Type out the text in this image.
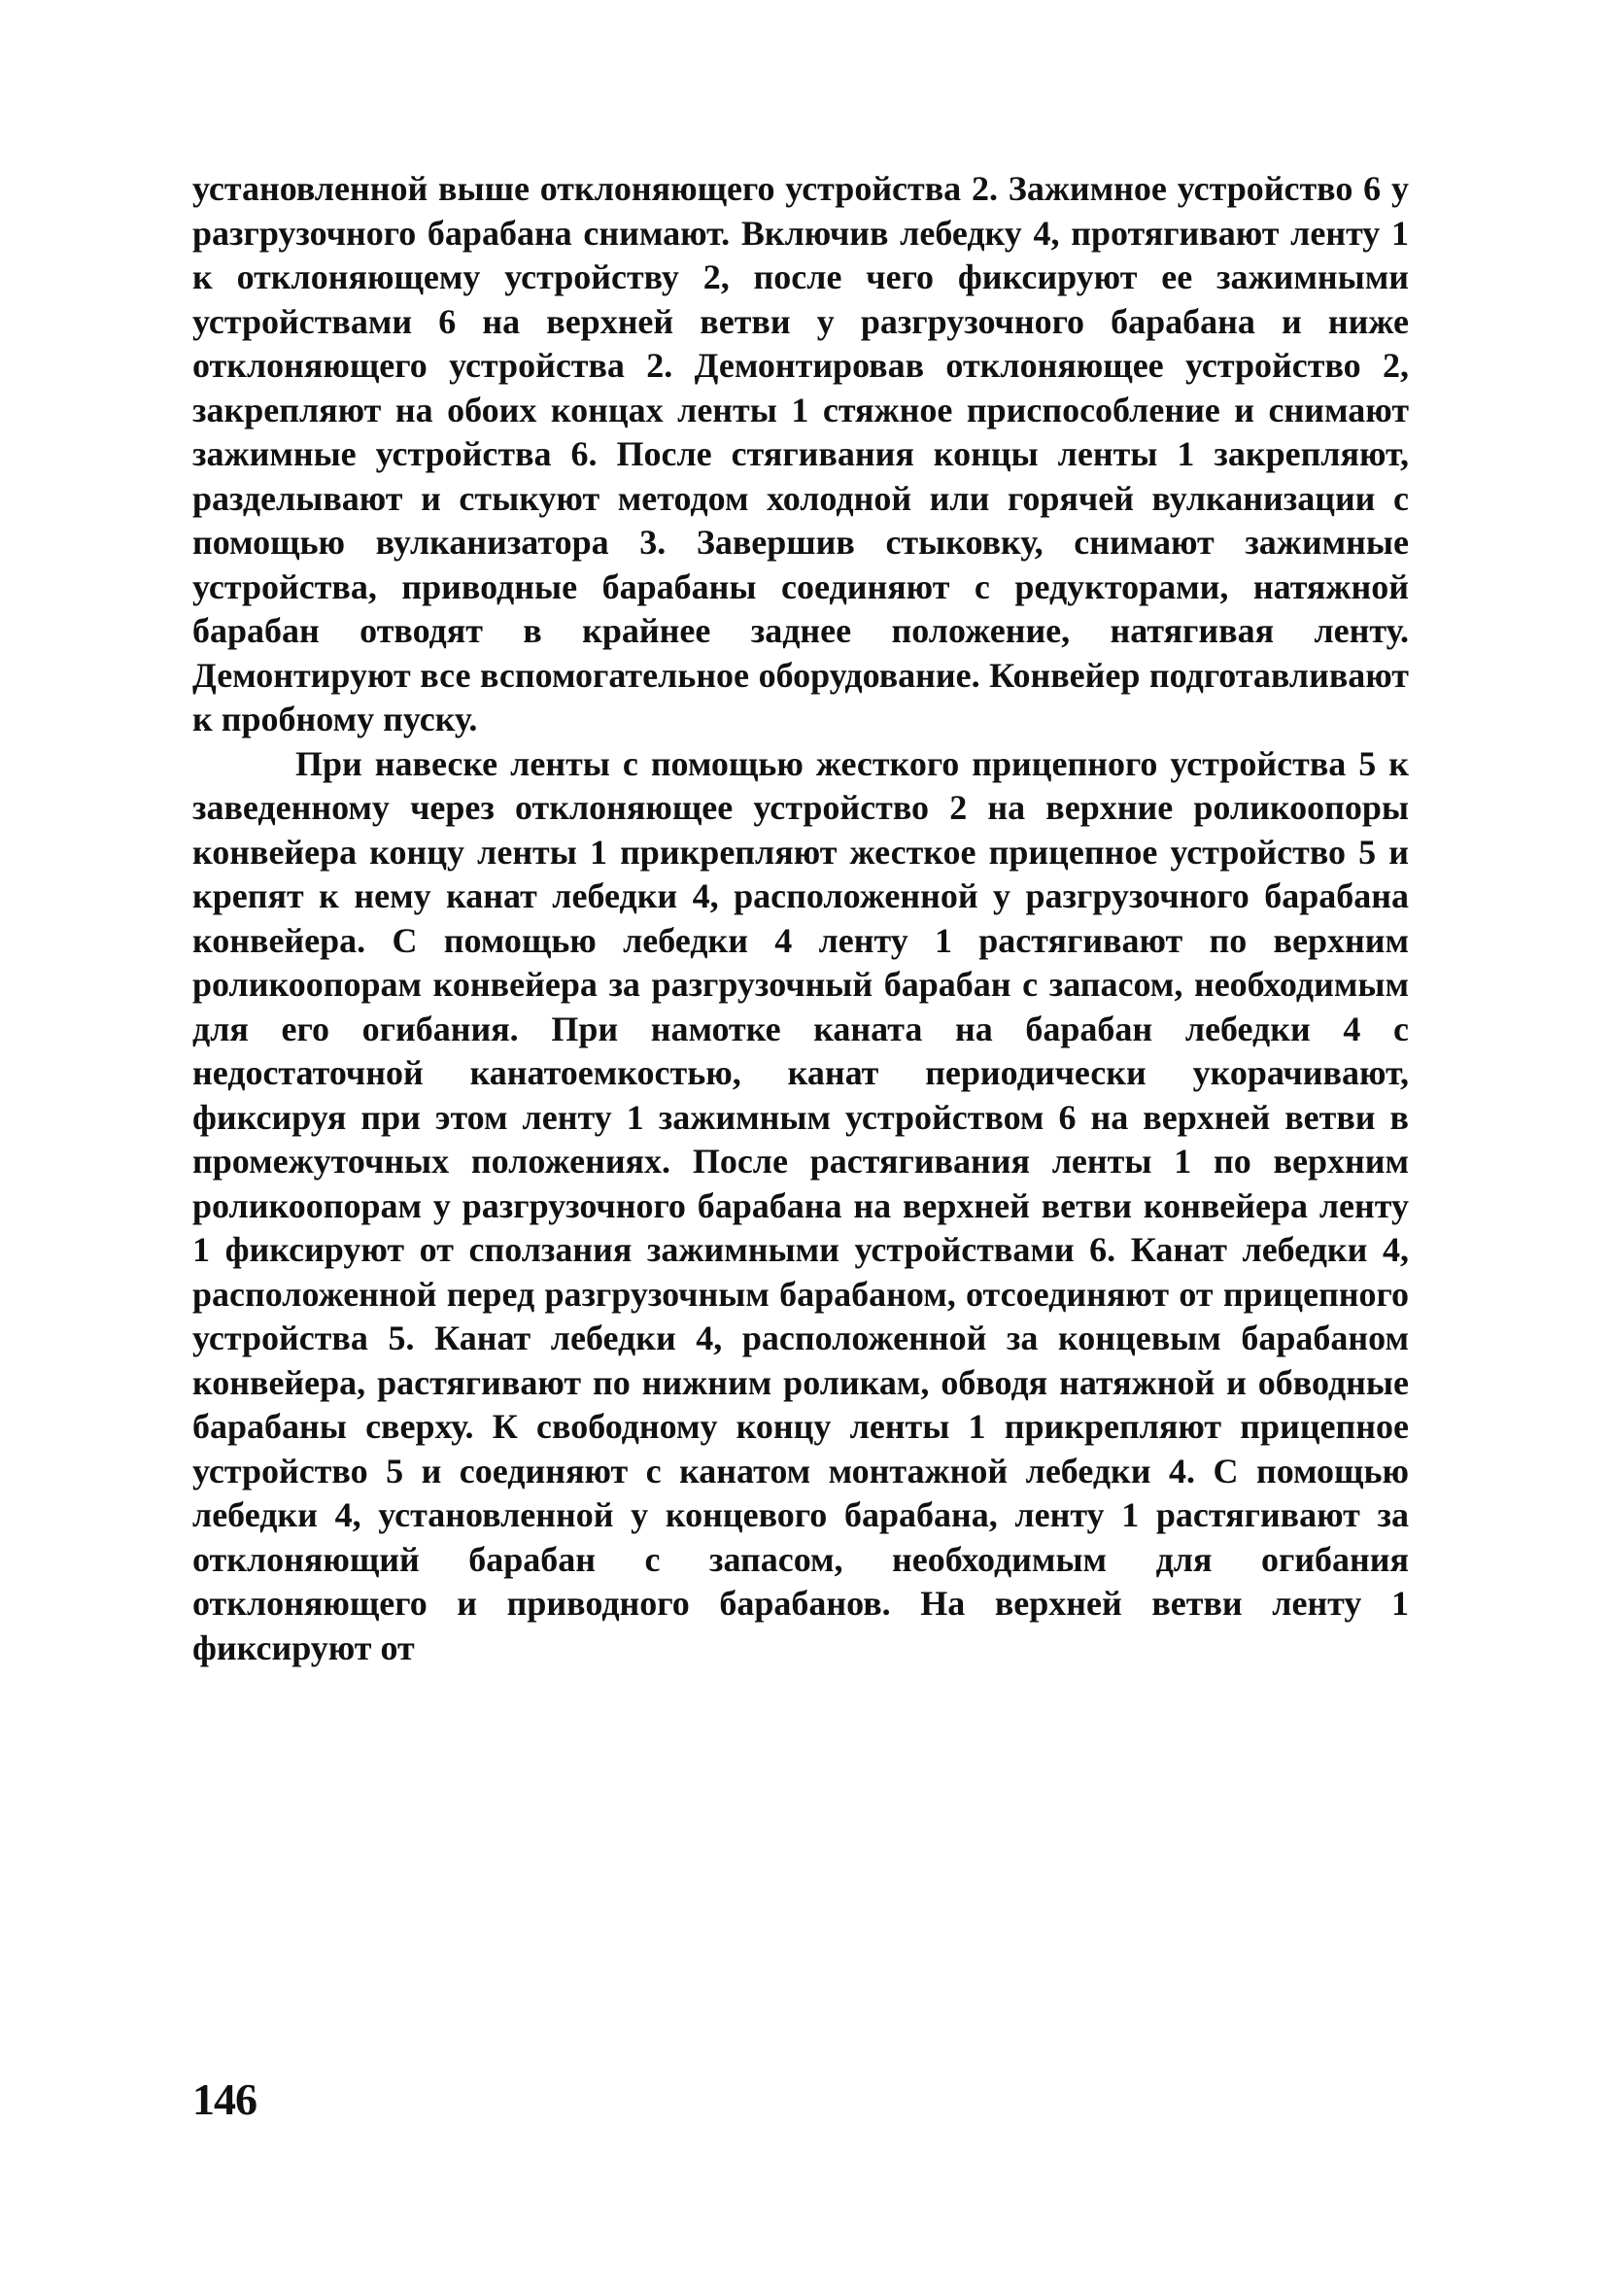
установленной выше отклоняющего устройства 2. Зажимное устройство 6 у разгрузочного барабана снимают. Включив лебедку 4, протягивают ленту 1 к отклоняющему устройству 2, после чего фиксируют ее зажимными устройствами 6 на верхней ветви у разгрузочного барабана и ниже отклоняющего устройства 2. Демонтировав отклоняющее устройство 2, закрепляют на обоих концах ленты 1 стяжное приспособление и снимают зажимные устройства 6. После стягивания концы ленты 1 закрепляют, разделывают и стыкуют методом холодной или горячей вулканизации с помощью вулканизатора 3. Завершив стыковку, снимают зажимные устройства, приводные барабаны соединяют с редукторами, натяжной барабан отводят в крайнее заднее положение, натягивая ленту. Демонтируют все вспомогательное оборудование. Конвейер подготавливают к пробному пуску.

При навеске ленты с помощью жесткого прицепного устройства 5 к заведенному через отклоняющее устройство 2 на верхние роликоопоры конвейера концу ленты 1 прикрепляют жесткое прицепное устройство 5 и крепят к нему канат лебедки 4, расположенной у разгрузочного барабана конвейера. С помощью лебедки 4 ленту 1 растягивают по верхним роликоопорам конвейера за разгрузочный барабан с запасом, необходимым для его огибания. При намотке каната на барабан лебедки 4 с недостаточной канатоемкостью, канат периодически укорачивают, фиксируя при этом ленту 1 зажимным устройством 6 на верхней ветви в промежуточных положениях. После растягивания ленты 1 по верхним роликоопорам у разгрузочного барабана на верхней ветви конвейера ленту 1 фиксируют от сползания зажимными устройствами 6. Канат лебедки 4, расположенной перед разгрузочным барабаном, отсоединяют от прицепного устройства 5. Канат лебедки 4, расположенной за концевым барабаном конвейера, растягивают по нижним роликам, обводя натяжной и обводные барабаны сверху. К свободному концу ленты 1 прикрепляют прицепное устройство 5 и соединяют с канатом монтажной лебедки 4. С помощью лебедки 4, установленной у концевого барабана, ленту 1 растягивают за отклоняющий барабан с запасом, необходимым для огибания отклоняющего и приводного барабанов. На верхней ветви ленту 1 фиксируют от

146
